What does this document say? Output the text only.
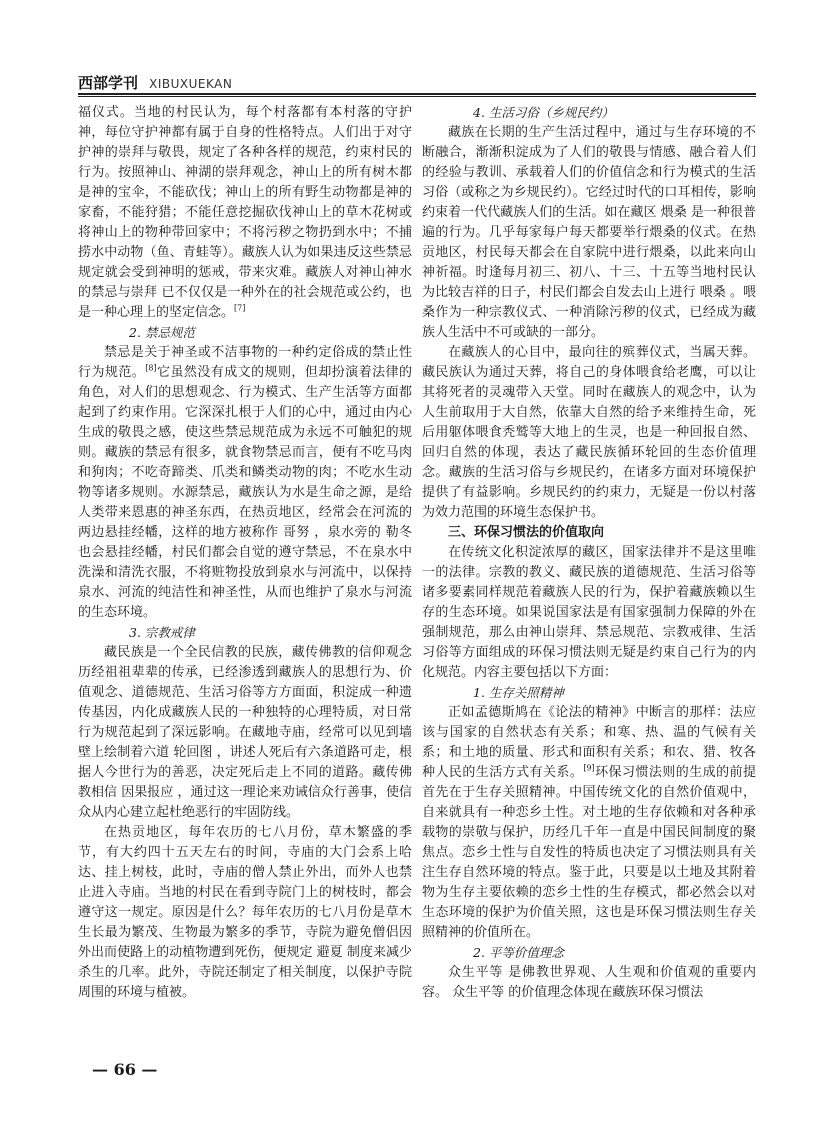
西部学刊 XIBUXUEKAN

福仪式。当地的村民认为，每个村落都有本村落的守护神，每位守护神都有属于自身的性格特点。人们出于对守护神的崇拜与敬畏，规定了各种各样的规范，约束村民的行为。按照神山、神湖的崇拜观念，神山上的所有树木都是神的宝伞，不能砍伐；神山上的所有野生动物都是神的家畜，不能狩猎；不能任意挖掘砍伐神山上的草木花树或将神山上的物种带回家中；不将污秽之物扔到水中；不捕捞水中动物（鱼、青蛙等）。藏族人认为如果违反这些禁忌规定就会受到神明的惩戒，带来灾难。藏族人对神山神水的禁忌与崇拜 已不仅仅是一种外在的社会规范或公约，也是一种心理上的坚定信念。[7]

2. 禁忌规范

禁忌是关于神圣或不洁事物的一种约定俗成的禁止性行为规范。[8]它虽然没有成文的规则，但却扮演着法律的角色，对人们的思想观念、行为模式、生产生活等方面都起到了约束作用。它深深扎根于人们的心中，通过由内心生成的敬畏之感，使这些禁忌规范成为永远不可触犯的规则。藏族的禁忌有很多，就食物禁忌而言，便有不吃马肉和狗肉；不吃奇蹄类、爪类和鳞类动物的肉；不吃水生动物等诸多规则。水源禁忌，藏族认为水是生命之源，是给人类带来恩惠的神圣东西，在热贡地区，经常会在河流的两边悬挂经幡，这样的地方被称作 哥努 ，泉水旁的 勒冬 也会悬挂经幡，村民们都会自觉的遵守禁忌，不在泉水中洗澡和清洗衣服，不将赃物投放到泉水与河流中，以保持泉水、河流的纯洁性和神圣性，从而也维护了泉水与河流的生态环境。

3. 宗教戒律

藏民族是一个全民信教的民族，藏传佛教的信仰观念历经祖祖辈辈的传承，已经渗透到藏族人的思想行为、价值观念、道德规范、生活习俗等方方面面，积淀成一种遗传基因，内化成藏族人民的一种独特的心理特质，对日常行为规范起到了深远影响。在藏地寺庙，经常可以见到墙壁上绘制着六道 轮回图 ，讲述人死后有六条道路可走，根据人今世行为的善恶，决定死后走上不同的道路。藏传佛教相信 因果报应 ，通过这一理论来劝诫信众行善事，使信众从内心建立起杜绝恶行的牢固防线。

在热贡地区，每年农历的七八月份，草木繁盛的季节，有大约四十五天左右的时间，寺庙的大门会系上哈达、挂上树枝，此时，寺庙的僧人禁止外出，而外人也禁止进入寺庙。当地的村民在看到寺院门上的树枝时，都会遵守这一规定。原因是什么？每年农历的七八月份是草木生长最为繁茂、生物最为繁多的季节，寺院为避免僧侣因外出而使路上的动植物遭到死伤，便规定 避夏 制度来减少杀生的几率。此外，寺院还制定了相关制度，以保护寺院周围的环境与植被。

4. 生活习俗（乡规民约）

藏族在长期的生产生活过程中，通过与生存环境的不断融合，渐渐积淀成为了人们的敬畏与情感、融合着人们的经验与教训、承载着人们的价值信念和行为模式的生活习俗（或称之为乡规民约）。它经过时代的口耳相传，影响约束着一代代藏族人们的生活。如在藏区 煨桑 是一种很普遍的行为。几乎每家每户每天都要举行煨桑的仪式。在热贡地区，村民每天都会在自家院中进行煨桑，以此来向山神祈福。时逢每月初三、初八、十三、十五等当地村民认为比较吉祥的日子，村民们都会自发去山上进行 喂桑 。喂桑作为一种宗教仪式、一种消除污秽的仪式，已经成为藏族人生活中不可或缺的一部分。

在藏族人的心目中，最向往的殡葬仪式，当属天葬。藏民族认为通过天葬，将自己的身体喂食给老鹰，可以让其将死者的灵魂带入天堂。同时在藏族人的观念中，认为人生前取用于大自然，依靠大自然的给予来维持生命，死后用躯体喂食秃鹫等大地上的生灵，也是一种回报自然、回归自然的体现，表达了藏民族循环轮回的生态价值理念。藏族的生活习俗与乡规民约，在诸多方面对环境保护提供了有益影响。乡规民约的约束力，无疑是一份以村落为效力范围的环境生态保护书。

三、环保习惯法的价值取向

在传统文化积淀浓厚的藏区，国家法律并不是这里唯一的法律。宗教的教义、藏民族的道德规范、生活习俗等诸多要素同样规范着藏族人民的行为，保护着藏族赖以生存的生态环境。如果说国家法是有国家强制力保障的外在强制规范，那么由神山崇拜、禁忌规范、宗教戒律、生活习俗等方面组成的环保习惯法则无疑是约束自己行为的内化规范。内容主要包括以下方面：

1. 生存关照精神

正如孟德斯鸠在《论法的精神》中断言的那样：法应该与国家的自然状态有关系；和寒、热、温的气候有关系；和土地的质量、形式和面积有关系；和农、猎、牧各种人民的生活方式有关系。[9]环保习惯法则的生成的前提首先在于生存关照精神。中国传统文化的自然价值观中，自来就具有一种恋乡土性。对土地的生存依赖和对各种承载物的崇敬与保护，历经几千年一直是中国民间制度的聚焦点。恋乡土性与自发性的特质也决定了习惯法则具有关注生存自然环境的特点。鉴于此，只要是以土地及其附着物为生存主要依赖的恋乡土性的生存模式，都必然会以对生态环境的保护为价值关照，这也是环保习惯法则生存关照精神的价值所在。

2. 平等价值理念

众生平等 是佛教世界观、人生观和价值观的重要内容。 众生平等 的价值理念体现在藏族环保习惯法

— 66 —
